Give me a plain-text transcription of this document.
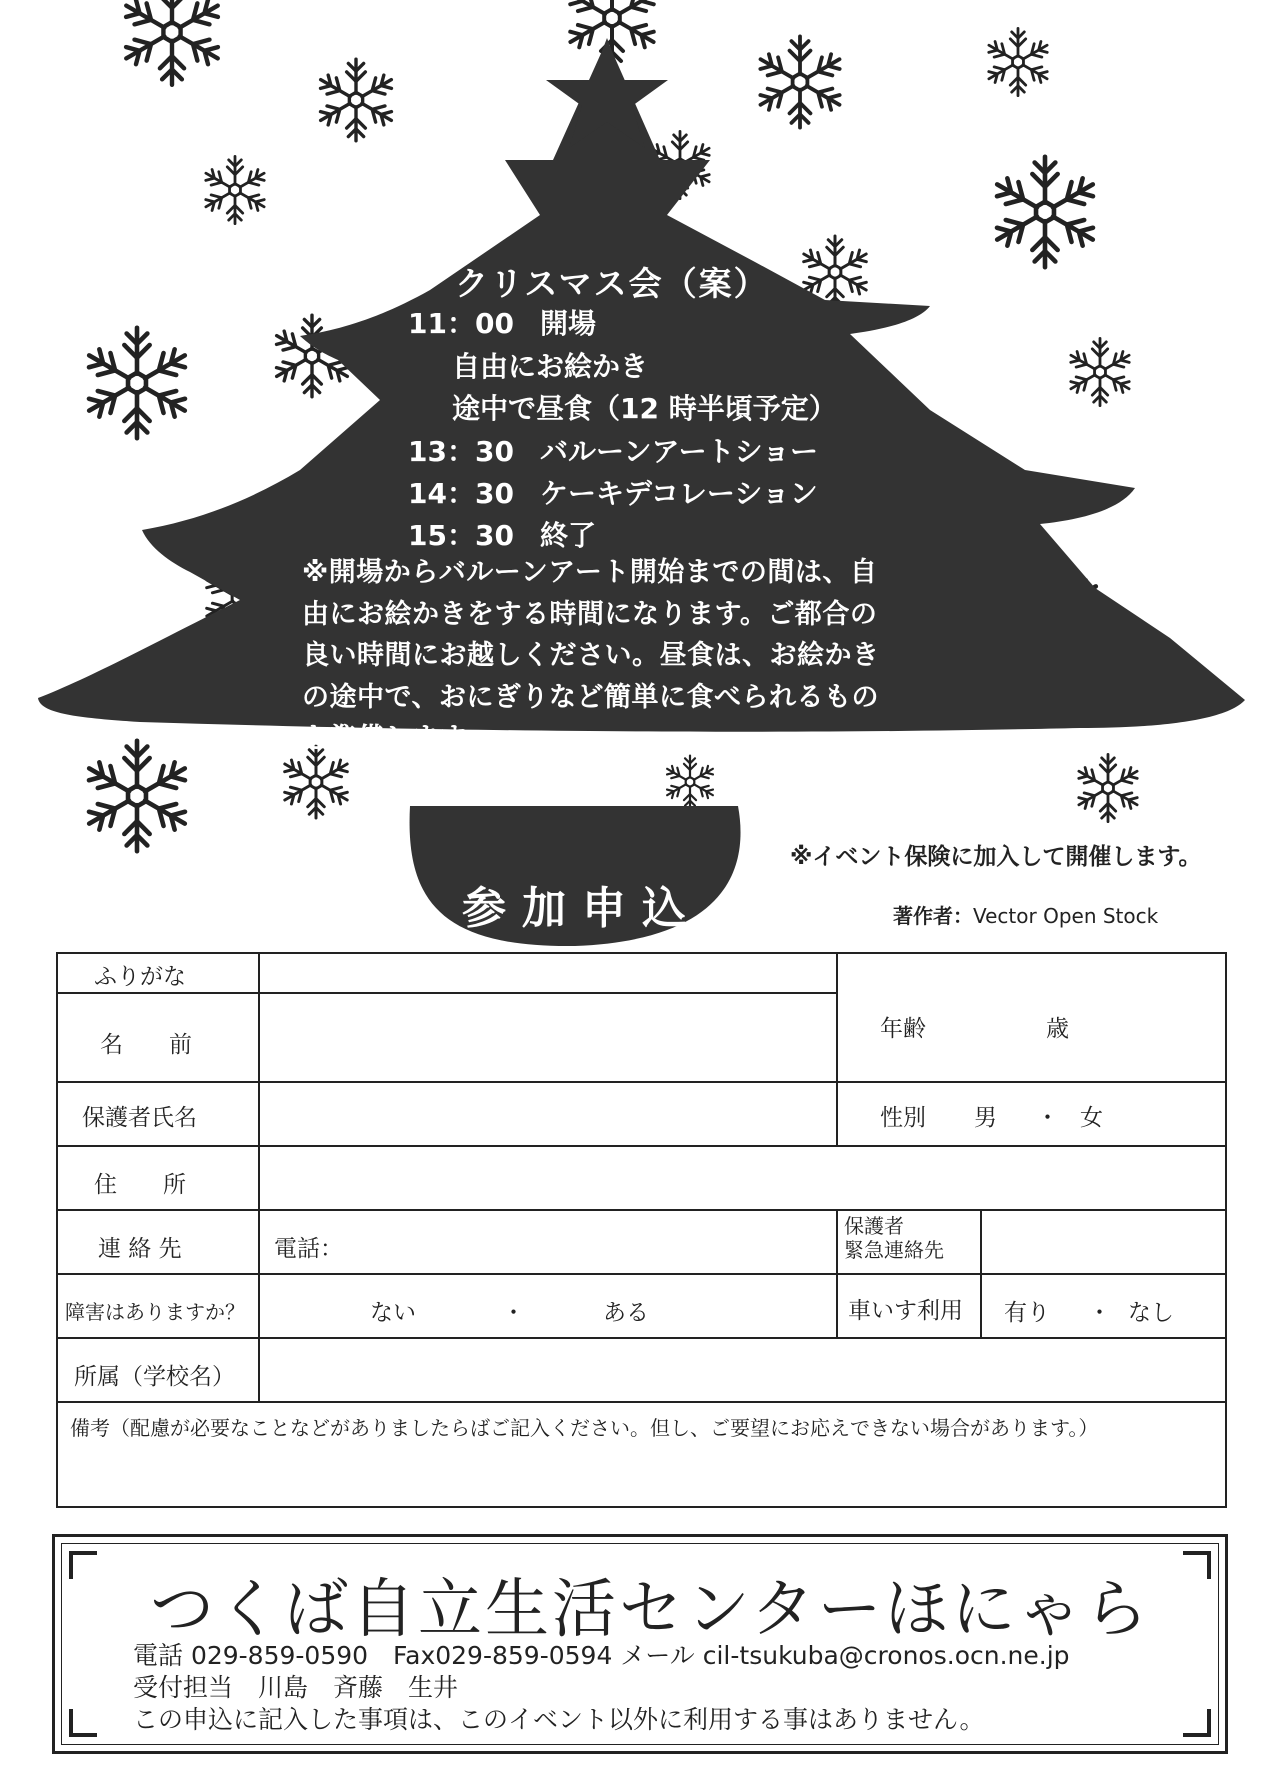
クリスマス会（案）
11：00 開場
自由にお絵かき
途中で昼食（12 時半頃予定）
13：30 バルーンアートショー
14：30 ケーキデコレーション
15：30 終了
※開場からバルーンアート開始までの間は、自
由にお絵かきをする時間になります。ご都合の
良い時間にお越しください。昼食は、お絵かき
の途中で、おにぎりなど簡単に食べられるもの
を準備します。
参加申込
※イベント保険に加入して開催します。
著作者：Vector Open Stock
ふりがな
名　　前
年齢	歳
保護者氏名	性別 男 ・ 女
住　　所
連 絡 先	電話：
保護者
緊急連絡先
障害はありますか？	ない	・	ある	車いす利用 有り ・ なし
所属（学校名）
備考（配慮が必要なことなどがありましたらばご記入ください。但し、ご要望にお応えできない場合があります。）
つくば自立生活センターほにゃら
電話 029-859-0590　Fax029-859-0594 メール cil-tsukuba@cronos.ocn.ne.jp
受付担当　川島　斉藤　生井
この申込に記入した事項は、このイベント以外に利用する事はありません。
